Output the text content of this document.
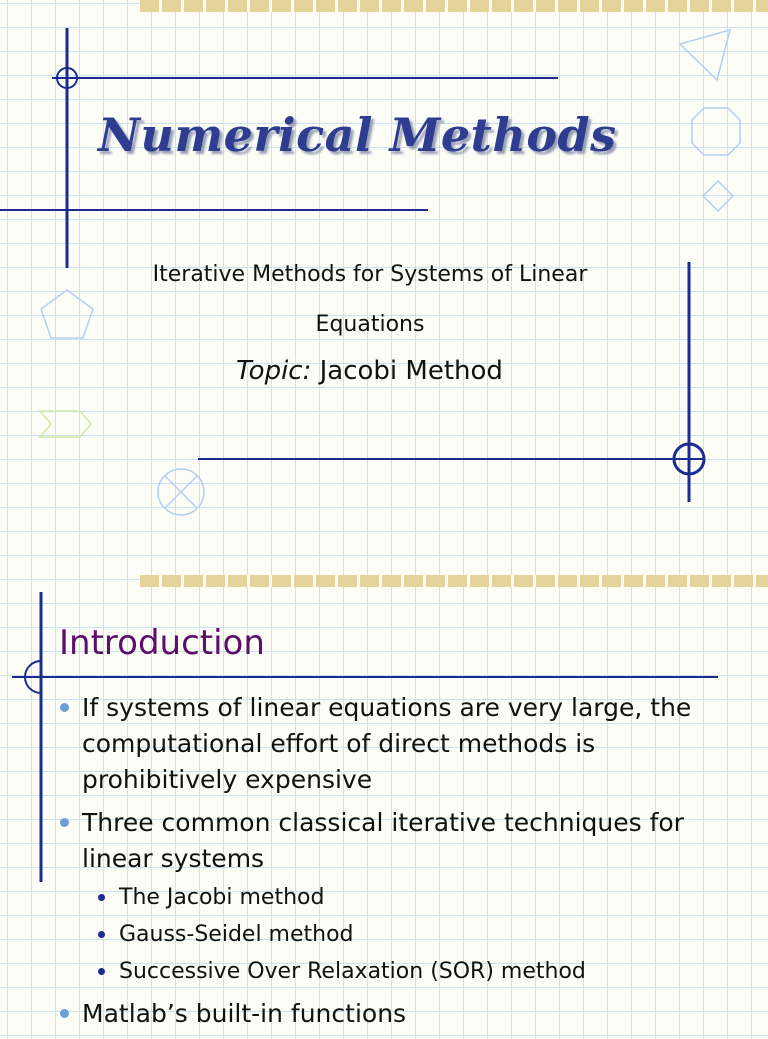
Numerical Methods
Iterative Methods for Systems of Linear Equations
Topic: Jacobi Method
Introduction
If systems of linear equations are very large, the computational effort of direct methods is prohibitively expensive
Three common classical iterative techniques for linear systems
The Jacobi method
Gauss-Seidel method
Successive Over Relaxation (SOR) method
Matlab’s built-in functions
